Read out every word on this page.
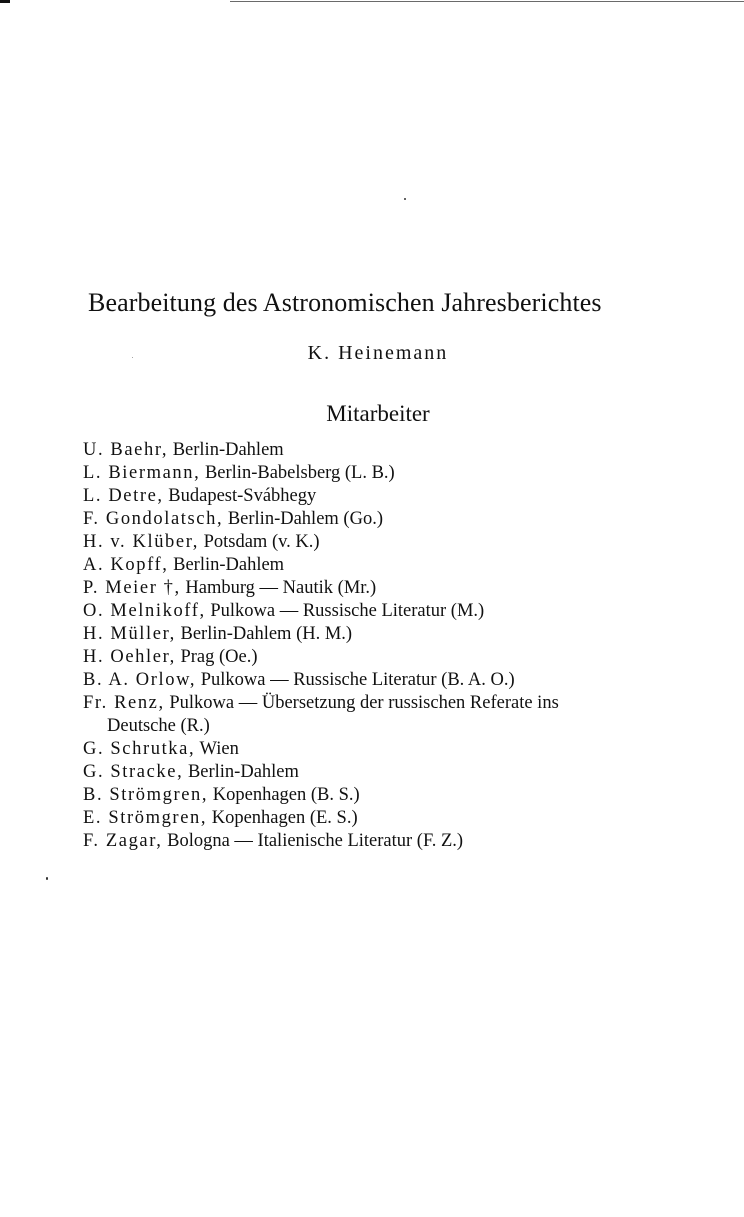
Bearbeitung des Astronomischen Jahresberichtes
K. Heinemann
Mitarbeiter
U. Baehr, Berlin-Dahlem
L. Biermann, Berlin-Babelsberg (L. B.)
L. Detre, Budapest-Svábhegy
F. Gondolatsch, Berlin-Dahlem (Go.)
H. v. Klüber, Potsdam (v. K.)
A. Kopff, Berlin-Dahlem
P. Meier †, Hamburg — Nautik (Mr.)
O. Melnikoff, Pulkowa — Russische Literatur (M.)
H. Müller, Berlin-Dahlem (H. M.)
H. Oehler, Prag (Oe.)
B. A. Orlow, Pulkowa — Russische Literatur (B. A. O.)
Fr. Renz, Pulkowa — Übersetzung der russischen Referate ins
Deutsche (R.)
G. Schrutka, Wien
G. Stracke, Berlin-Dahlem
B. Strömgren, Kopenhagen (B. S.)
E. Strömgren, Kopenhagen (E. S.)
F. Zagar, Bologna — Italienische Literatur (F. Z.)
